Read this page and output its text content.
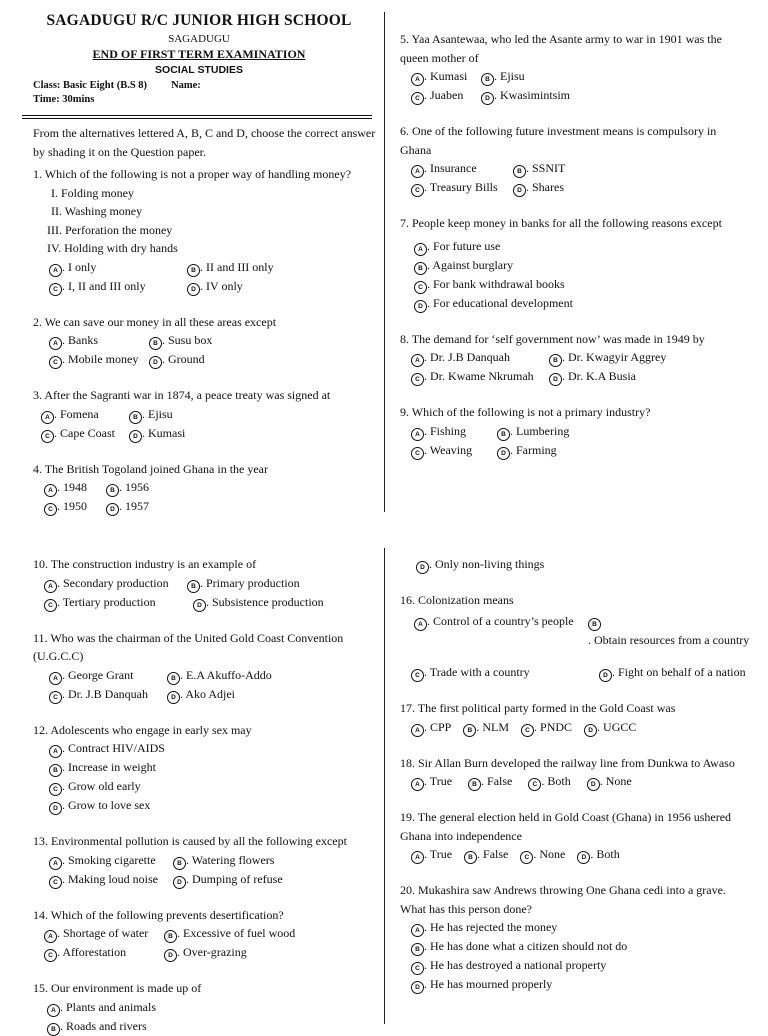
SAGADUGU R/C JUNIOR HIGH SCHOOL
SAGADUGU
END OF FIRST TERM EXAMINATION
SOCIAL STUDIES
Class: Basic Eight (B.S 8) Name:
Time: 30mins
From the alternatives lettered A, B, C and D, choose the correct answer by shading it on the Question paper.
1. Which of the following is not a proper way of handling money?
I. Folding money
II. Washing money
III. Perforation the money
IV. Holding with dry hands
A . I only	B . II and III only
C . I, II and III only	D . IV only
2. We can save our money in all these areas except
A . Banks	B . Susu box
C . Mobile money	D . Ground
3. After the Sagranti war in 1874, a peace treaty was signed at
A . Fomena	B . Ejisu
C . Cape Coast	D . Kumasi
4. The British Togoland joined Ghana in the year
A . 1948	B . 1956
C . 1950	D . 1957
5. Yaa Asantewaa, who led the Asante army to war in 1901 was the queen mother of
A . Kumasi	B . Ejisu
C . Juaben	D . Kwasimintsim
6. One of the following future investment means is compulsory in Ghana
A . Insurance	B . SSNIT
C . Treasury Bills	D . Shares
7. People keep money in banks for all the following reasons except
A . For future use
B . Against burglary
C . For bank withdrawal books
D . For educational development
8. The demand for ‘self government now’ was made in 1949 by
A . Dr. J.B Danquah	B . Dr. Kwagyir Aggrey
C . Dr. Kwame Nkrumah	D . Dr. K.A Busia
9. Which of the following is not a primary industry?
A . Fishing	B . Lumbering
C . Weaving	D . Farming
10. The construction industry is an example of
A . Secondary production	B . Primary production
C . Tertiary production	D . Subsistence production
11. Who was the chairman of the United Gold Coast Convention (U.G.C.C)
A . George Grant	B . E.A Akuffo-Addo
C . Dr. J.B Danquah	D . Ako Adjei
12. Adolescents who engage in early sex may
A . Contract HIV/AIDS
B . Increase in weight
C . Grow old early
D . Grow to love sex
13. Environmental pollution is caused by all the following except
A . Smoking cigarette	B . Watering flowers
C . Making loud noise	D . Dumping of refuse
14. Which of the following prevents desertification?
A . Shortage of water	B . Excessive of fuel wood
C . Afforestation	D . Over-grazing
15. Our environment is made up of
A . Plants and animals
B . Roads and rivers
D . Only non-living things
16. Colonization means
A . Control of a country’s people	B. Obtain resources from a country
C . Trade with a country	D . Fight on behalf of a nation
17. The first political party formed in the Gold Coast was
A . CPP	B . NLM	C . PNDC	D . UGCC
18. Sir Allan Burn developed the railway line from Dunkwa to Awaso
A . True	B . False	C . Both	D . None
19. The general election held in Gold Coast (Ghana) in 1956 ushered Ghana into independence
A . True	B . False	C . None	D . Both
20. Mukashira saw Andrews throwing One Ghana cedi into a grave. What has this person done?
A . He has rejected the money
B . He has done what a citizen should not do
C . He has destroyed a national property
D . He has mourned properly
